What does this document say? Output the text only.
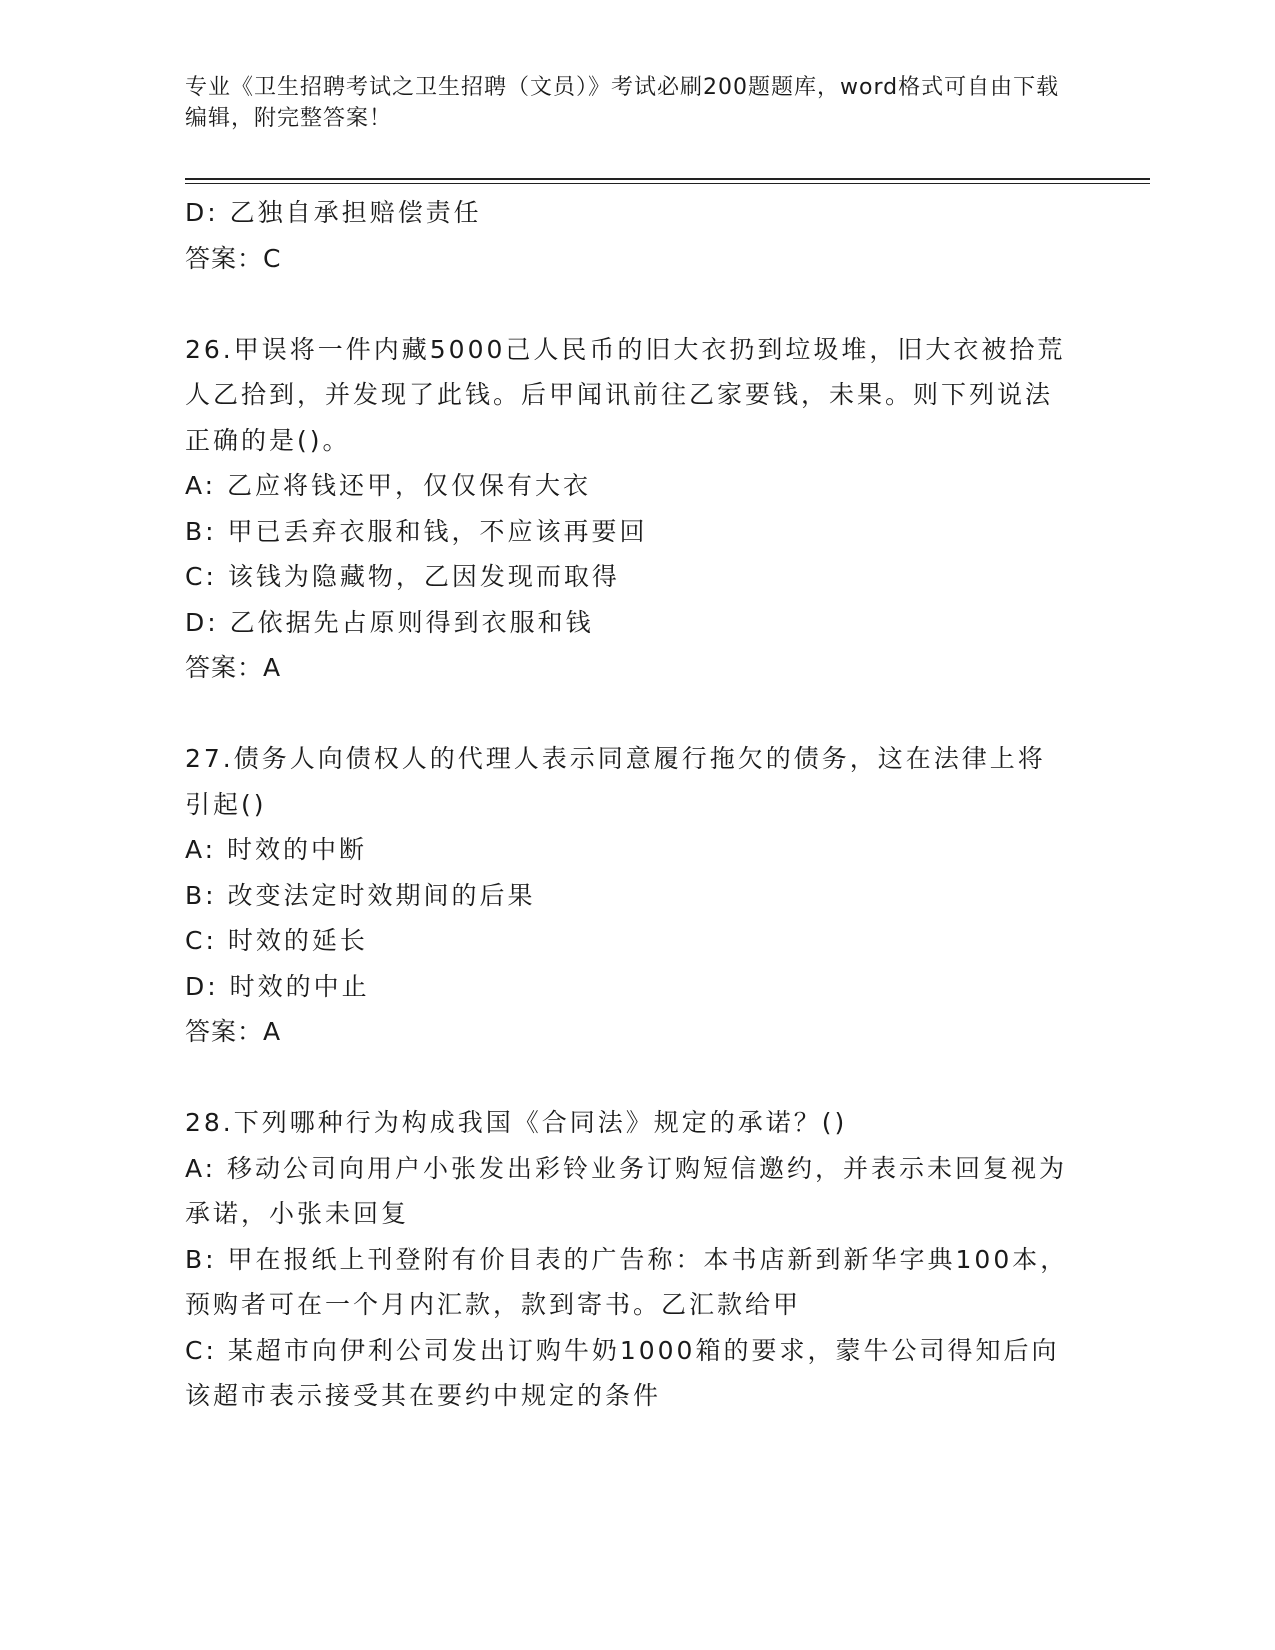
专业《卫生招聘考试之卫生招聘（文员）》考试必刷200题题库，word格式可自由下载编辑，附完整答案！

D: 乙独自承担赔偿责任

答案：C

26.甲误将一件内藏5000己人民币的旧大衣扔到垃圾堆，旧大衣被拾荒人乙拾到，并发现了此钱。后甲闻讯前往乙家要钱，未果。则下列说法正确的是()。

A: 乙应将钱还甲，仅仅保有大衣

B: 甲已丢弃衣服和钱，不应该再要回

C: 该钱为隐藏物，乙因发现而取得

D: 乙依据先占原则得到衣服和钱

答案：A

27.债务人向债权人的代理人表示同意履行拖欠的债务，这在法律上将引起()

A: 时效的中断

B: 改变法定时效期间的后果

C: 时效的延长

D: 时效的中止

答案：A

28.下列哪种行为构成我国《合同法》规定的承诺？()

A: 移动公司向用户小张发出彩铃业务订购短信邀约，并表示未回复视为承诺，小张未回复

B: 甲在报纸上刊登附有价目表的广告称：本书店新到新华字典100本，预购者可在一个月内汇款，款到寄书。乙汇款给甲

C: 某超市向伊利公司发出订购牛奶1000箱的要求，蒙牛公司得知后向该超市表示接受其在要约中规定的条件
